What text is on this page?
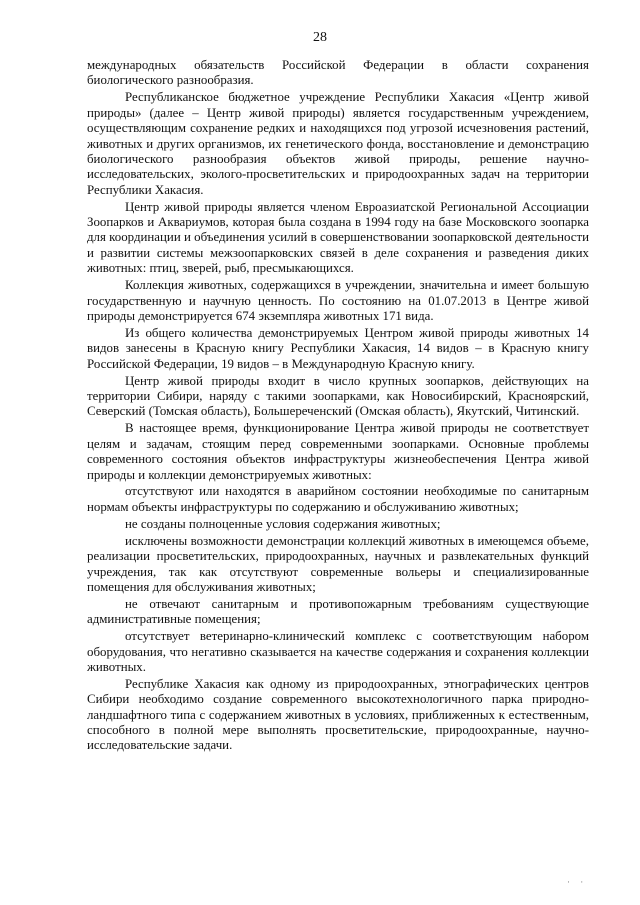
28

международных обязательств Российской Федерации в области сохранения биологического разнообразия.

Республиканское бюджетное учреждение Республики Хакасия «Центр живой природы» (далее – Центр живой природы) является государственным учреждением, осуществляющим сохранение редких и находящихся под угрозой исчезновения растений, животных и других организмов, их генетического фонда, восстановление и демонстрацию биологического разнообразия объектов живой природы, решение научно-исследовательских, эколого-просветительских и природоохранных задач на территории Республики Хакасия.

Центр живой природы является членом Евроазиатской Региональной Ассоциации Зоопарков и Аквариумов, которая была создана в 1994 году на базе Московского зоопарка для координации и объединения усилий в совершенствовании зоопарковской деятельности и развитии системы межзоопарковских связей в деле сохранения и разведения диких животных: птиц, зверей, рыб, пресмыкающихся.

Коллекция животных, содержащихся в учреждении, значительна и имеет большую государственную и научную ценность. По состоянию на 01.07.2013 в Центре живой природы демонстрируется 674 экземпляра животных 171 вида.

Из общего количества демонстрируемых Центром живой природы животных 14 видов занесены в Красную книгу Республики Хакасия, 14 видов – в Красную книгу Российской Федерации, 19 видов – в Международную Красную книгу.

Центр живой природы входит в число крупных зоопарков, действующих на территории Сибири, наряду с такими зоопарками, как Новосибирский, Красноярский, Северский (Томская область), Большереченский (Омская область), Якутский, Читинский.

В настоящее время, функционирование Центра живой природы не соответствует целям и задачам, стоящим перед современными зоопарками. Основные проблемы современного состояния объектов инфраструктуры жизнеобеспечения Центра живой природы и коллекции демонстрируемых животных:

отсутствуют или находятся в аварийном состоянии необходимые по санитарным нормам объекты инфраструктуры по содержанию и обслуживанию животных;

не созданы полноценные условия содержания животных;

исключены возможности демонстрации коллекций животных в имеющемся объеме, реализации просветительских, природоохранных, научных и развлекательных функций учреждения, так как отсутствуют современные вольеры и специализированные помещения для обслуживания животных;

не отвечают санитарным и противопожарным требованиям существующие административные помещения;

отсутствует ветеринарно-клинический комплекс с соответствующим набором оборудования, что негативно сказывается на качестве содержания и сохранения коллекции животных.

Республике Хакасия как одному из природоохранных, этнографических центров Сибири необходимо создание современного высокотехнологичного парка природно-ландшафтного типа с содержанием животных в условиях, приближенных к естественным, способного в полной мере выполнять просветительские, природоохранные, научно-исследовательские задачи.

· ·
